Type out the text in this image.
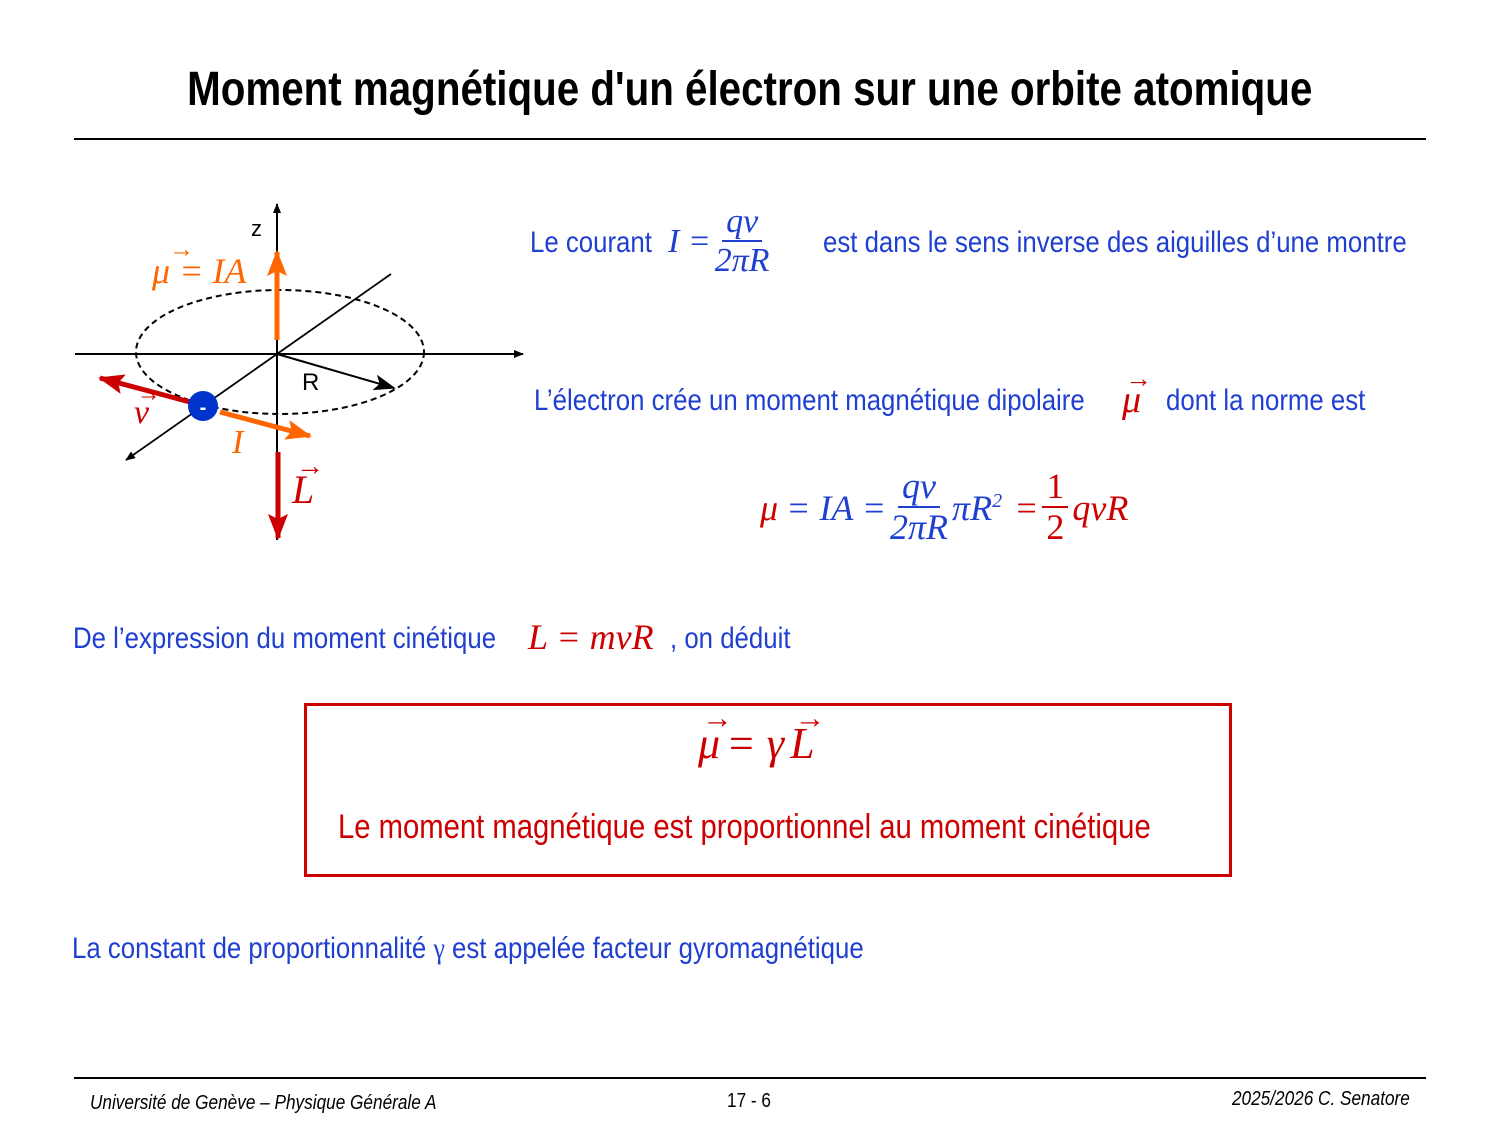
Moment magnétique d'un électron sur une orbite atomique
-
z
R
→ μ = IA
→ v
I
→ L
Le courant $I = \frac{qv}{2\pi R}$ est dans le sens inverse des aiguilles d’une montre
L’électron crée un moment magnétique dipolaire → μ dont la norme est
μ = IA = $\frac{qv}{2\pi R}$ πR $2 = \frac{1}{2}$ qvR
De l’expression du moment cinétique L = mvR , on déduit
→ μ = γ → L
Le moment magnétique est proportionnel au moment cinétique
La constant de proportionnalité γ est appelée facteur gyromagnétique
Université de Genève – Physique Générale A	17 - 6	2025/2026 C. Senatore
